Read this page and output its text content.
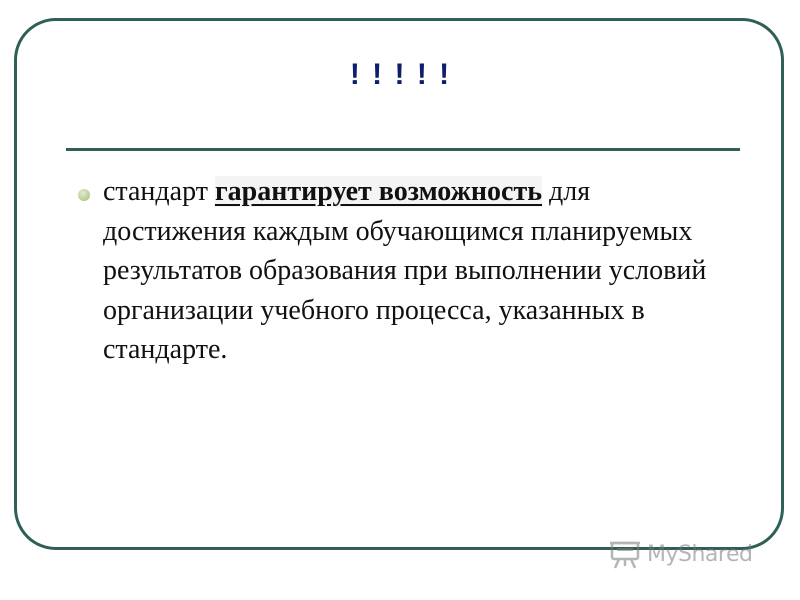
! ! ! ! !
стандарт гарантирует возможность для достижения каждым обучающимся планируемых результатов образования при выполнении условий организации учебного процесса, указанных в стандарте.
MyShared
